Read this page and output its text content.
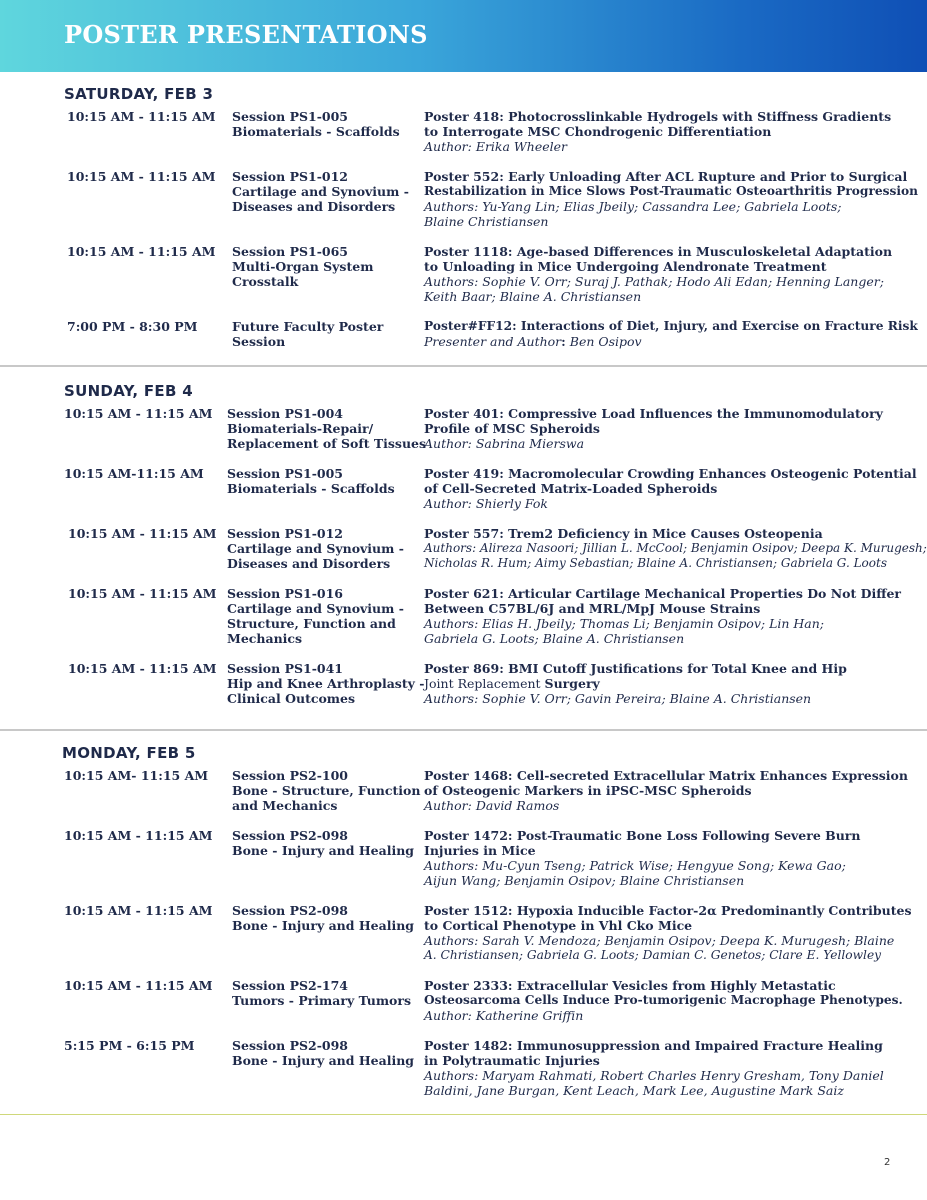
POSTER PRESENTATIONS
SATURDAY, FEB 3
10:15 AM - 11:15 AM Session PS1-005
Biomaterials - Scaffolds
Poster 418: Photocrosslinkable Hydrogels with Stiffness Gradients
to Interrogate MSC Chondrogenic Differentiation
Author: Erika Wheeler
10:15 AM - 11:15 AM Session PS1-012
Cartilage and Synovium -
Diseases and Disorders
Poster 552: Early Unloading After ACL Rupture and Prior to Surgical
Restabilization in Mice Slows Post-Traumatic Osteoarthritis Progression
Authors: Yu-Yang Lin; Elias Jbeily; Cassandra Lee; Gabriela Loots;
Blaine Christiansen
10:15 AM - 11:15 AM Session PS1-065
Multi-Organ System
Crosstalk
Poster 1118: Age-based Differences in Musculoskeletal Adaptation
to Unloading in Mice Undergoing Alendronate Treatment
Authors: Sophie V. Orr; Suraj J. Pathak; Hodo Ali Edan; Henning Langer;
Keith Baar; Blaine A. Christiansen
7:00 PM - 8:30 PM	Future Faculty Poster
Session
Poster#FF12: Interactions of Diet, Injury, and Exercise on Fracture Risk
Presenter and Author: Ben Osipov
SUNDAY, FEB 4
10:15 AM - 11:15 AM Session PS1-004
Biomaterials-Repair/
Replacement of Soft Tissues
Poster 401: Compressive Load Influences the Immunomodulatory
Profile of MSC Spheroids
Author: Sabrina Mierswa
10:15 AM-11:15 AM Session PS1-005
Biomaterials - Scaffolds
Poster 419: Macromolecular Crowding Enhances Osteogenic Potential
of Cell-Secreted Matrix-Loaded Spheroids
Author: Shierly Fok
10:15 AM - 11:15 AM Session PS1-012
Cartilage and Synovium -
Diseases and Disorders
Poster 557: Trem2 Deficiency in Mice Causes Osteopenia
Authors: Alireza Nasoori; Jillian L. McCool; Benjamin Osipov; Deepa K. Murugesh;
Nicholas R. Hum; Aimy Sebastian; Blaine A. Christiansen; Gabriela G. Loots
10:15 AM - 11:15 AM Session PS1-016
Cartilage and Synovium -
Structure, Function and
Mechanics
Poster 621: Articular Cartilage Mechanical Properties Do Not Differ
Between C57BL/6J and MRL/MpJ Mouse Strains
Authors: Elias H. Jbeily; Thomas Li; Benjamin Osipov; Lin Han;
Gabriela G. Loots; Blaine A. Christiansen
10:15 AM - 11:15 AM Session PS1-041
Hip and Knee Arthroplasty -
Clinical Outcomes
Poster 869: BMI Cutoff Justifications for Total Knee and Hip
Joint Replacement Surgery
Authors: Sophie V. Orr; Gavin Pereira; Blaine A. Christiansen
MONDAY, FEB 5
10:15 AM- 11:15 AM Session PS2-100
Bone - Structure, Function
and Mechanics
Poster 1468: Cell-secreted Extracellular Matrix Enhances Expression
of Osteogenic Markers in iPSC-MSC Spheroids
Author: David Ramos
10:15 AM - 11:15 AM Session PS2-098
Bone - Injury and Healing
Poster 1472: Post-Traumatic Bone Loss Following Severe Burn
Injuries in Mice
Authors: Mu-Cyun Tseng; Patrick Wise; Hengyue Song; Kewa Gao;
Aijun Wang; Benjamin Osipov; Blaine Christiansen
10:15 AM - 11:15 AM Session PS2-098
Bone - Injury and Healing
Poster 1512: Hypoxia Inducible Factor-2α Predominantly Contributes
to Cortical Phenotype in Vhl Cko Mice
Authors: Sarah V. Mendoza; Benjamin Osipov; Deepa K. Murugesh; Blaine
A. Christiansen; Gabriela G. Loots; Damian C. Genetos; Clare E. Yellowley
10:15 AM - 11:15 AM Session PS2-174
Tumors - Primary Tumors
Poster 2333: Extracellular Vesicles from Highly Metastatic
Osteosarcoma Cells Induce Pro-tumorigenic Macrophage Phenotypes.
Author: Katherine Griffin
5:15 PM - 6:15 PM	Session PS2-098
Bone - Injury and Healing
Poster 1482: Immunosuppression and Impaired Fracture Healing
in Polytraumatic Injuries
Authors: Maryam Rahmati, Robert Charles Henry Gresham, Tony Daniel
Baldini, Jane Burgan, Kent Leach, Mark Lee, Augustine Mark Saiz
2
